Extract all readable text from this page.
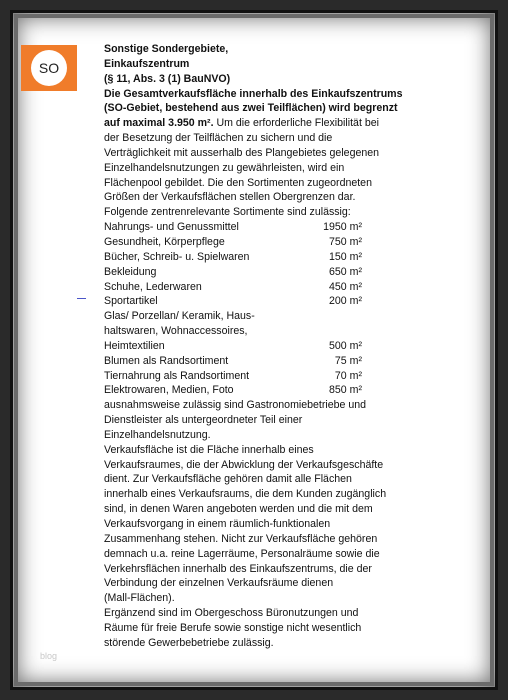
SO

Sonstige Sondergebiete,

Einkaufszentrum

(§ 11, Abs. 3 (1) BauNVO)

Die Gesamtverkaufsfläche innerhalb des Einkaufszentrums

(SO-Gebiet, bestehend aus zwei Teilflächen) wird begrenzt

auf maximal 3.950 m². Um die erforderliche Flexibilität bei

der Besetzung der Teilflächen zu sichern und die

Verträglichkeit mit ausserhalb des Plangebietes gelegenen

Einzelhandelsnutzungen zu gewährleisten, wird ein

Flächenpool gebildet. Die den Sortimenten zugeordneten

Größen der Verkaufsflächen stellen Obergrenzen dar.

Folgende zentrenrelevante Sortimente sind zulässig:

Nahrungs- und Genussmittel	1950 m²
Gesundheit, Körperpflege	750 m²
Bücher, Schreib- u. Spielwaren	150 m²
Bekleidung	650 m²
Schuhe, Lederwaren	450 m²
Sportartikel	200 m²
Glas/ Porzellan/ Keramik, Haus-
haltswaren, Wohnaccessoires,
Heimtextilien	500 m²
Blumen als Randsortiment	75 m²
Tiernahrung als Randsortiment	70 m²
Elektrowaren, Medien, Foto	850 m²

ausnahmsweise zulässig sind Gastronomiebetriebe und

Dienstleister als untergeordneter Teil einer

Einzelhandelsnutzung.

Verkaufsfläche ist die Fläche innerhalb eines

Verkaufsraumes, die der Abwicklung der Verkaufsgeschäfte

dient. Zur Verkaufsfläche gehören damit alle Flächen

innerhalb eines Verkaufsraums, die dem Kunden zugänglich

sind, in denen Waren angeboten werden und die mit dem

Verkaufsvorgang in einem räumlich-funktionalen

Zusammenhang stehen. Nicht zur Verkaufsfläche gehören

demnach u.a. reine Lagerräume, Personalräume sowie die

Verkehrsflächen innerhalb des Einkaufszentrums, die der

Verbindung der einzelnen Verkaufsräume dienen

(Mall-Flächen).

Ergänzend sind im Obergeschoss Büronutzungen und

Räume für freie Berufe sowie sonstige nicht wesentlich

störende Gewerbebetriebe zulässig.

blog
